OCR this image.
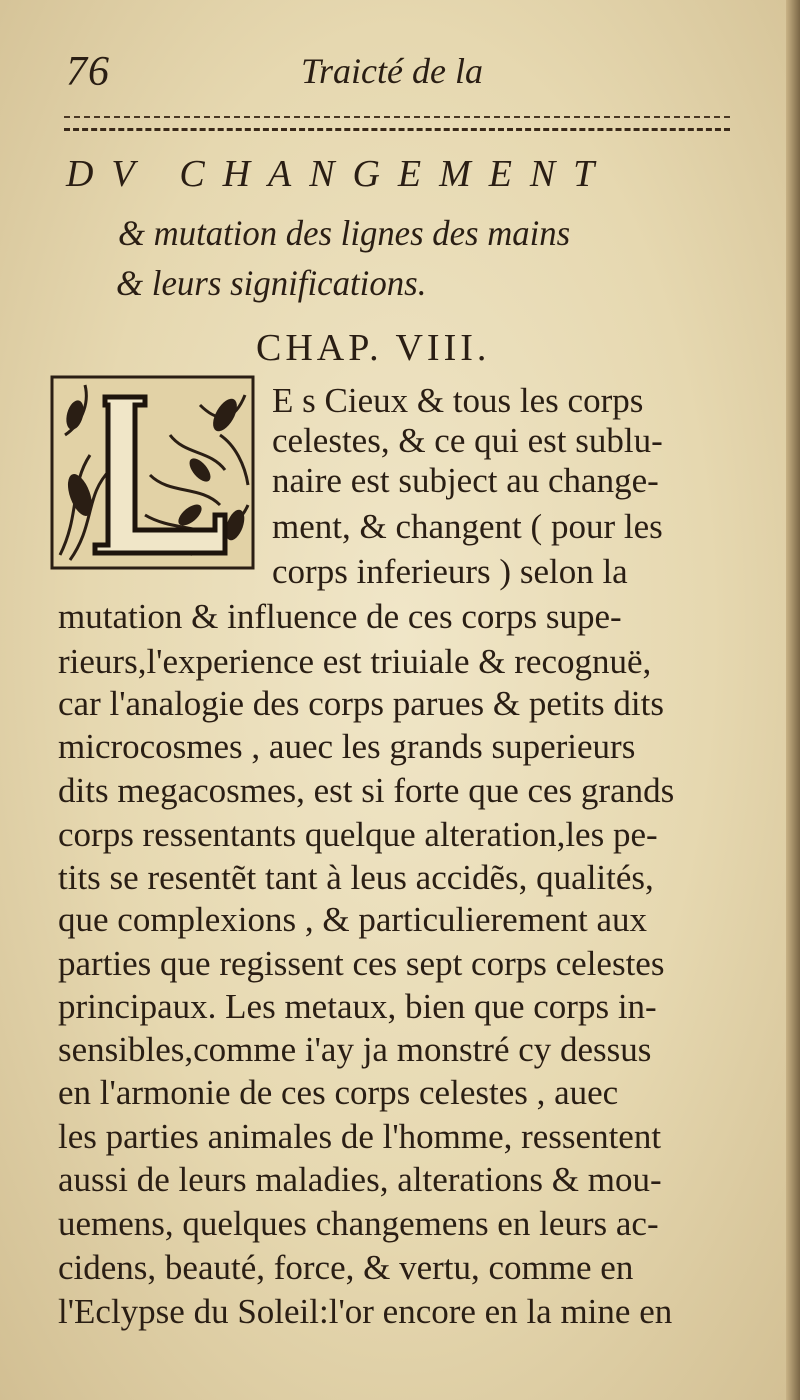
76	Traicté de la
DV CHANGEMENT
& mutation des lignes des mains
& leurs significations.
CHAP. VIII.
E s Cieux & tous les corps
celestes, & ce qui est sublu-
naire est subject au change-
ment, & changent ( pour les
corps inferieurs ) selon la
mutation & influence de ces corps supe-
rieurs,l'experience est triuiale & recognuë,
car l'analogie des corps parues & petits dits
microcosmes , auec les grands superieurs
dits megacosmes, est si forte que ces grands
corps ressentants quelque alteration,les pe-
tits se resentẽt tant à leus accidẽs, qualités,
que complexions , & particulierement aux
parties que regissent ces sept corps celestes
principaux. Les metaux, bien que corps in-
sensibles,comme i'ay ja monstré cy dessus
en l'armonie de ces corps celestes , auec
les parties animales de l'homme, ressentent
aussi de leurs maladies, alterations & mou-
uemens, quelques changemens en leurs ac-
cidens, beauté, force, & vertu, comme en
l'Eclypse du Soleil:l'or encore en la mine en
